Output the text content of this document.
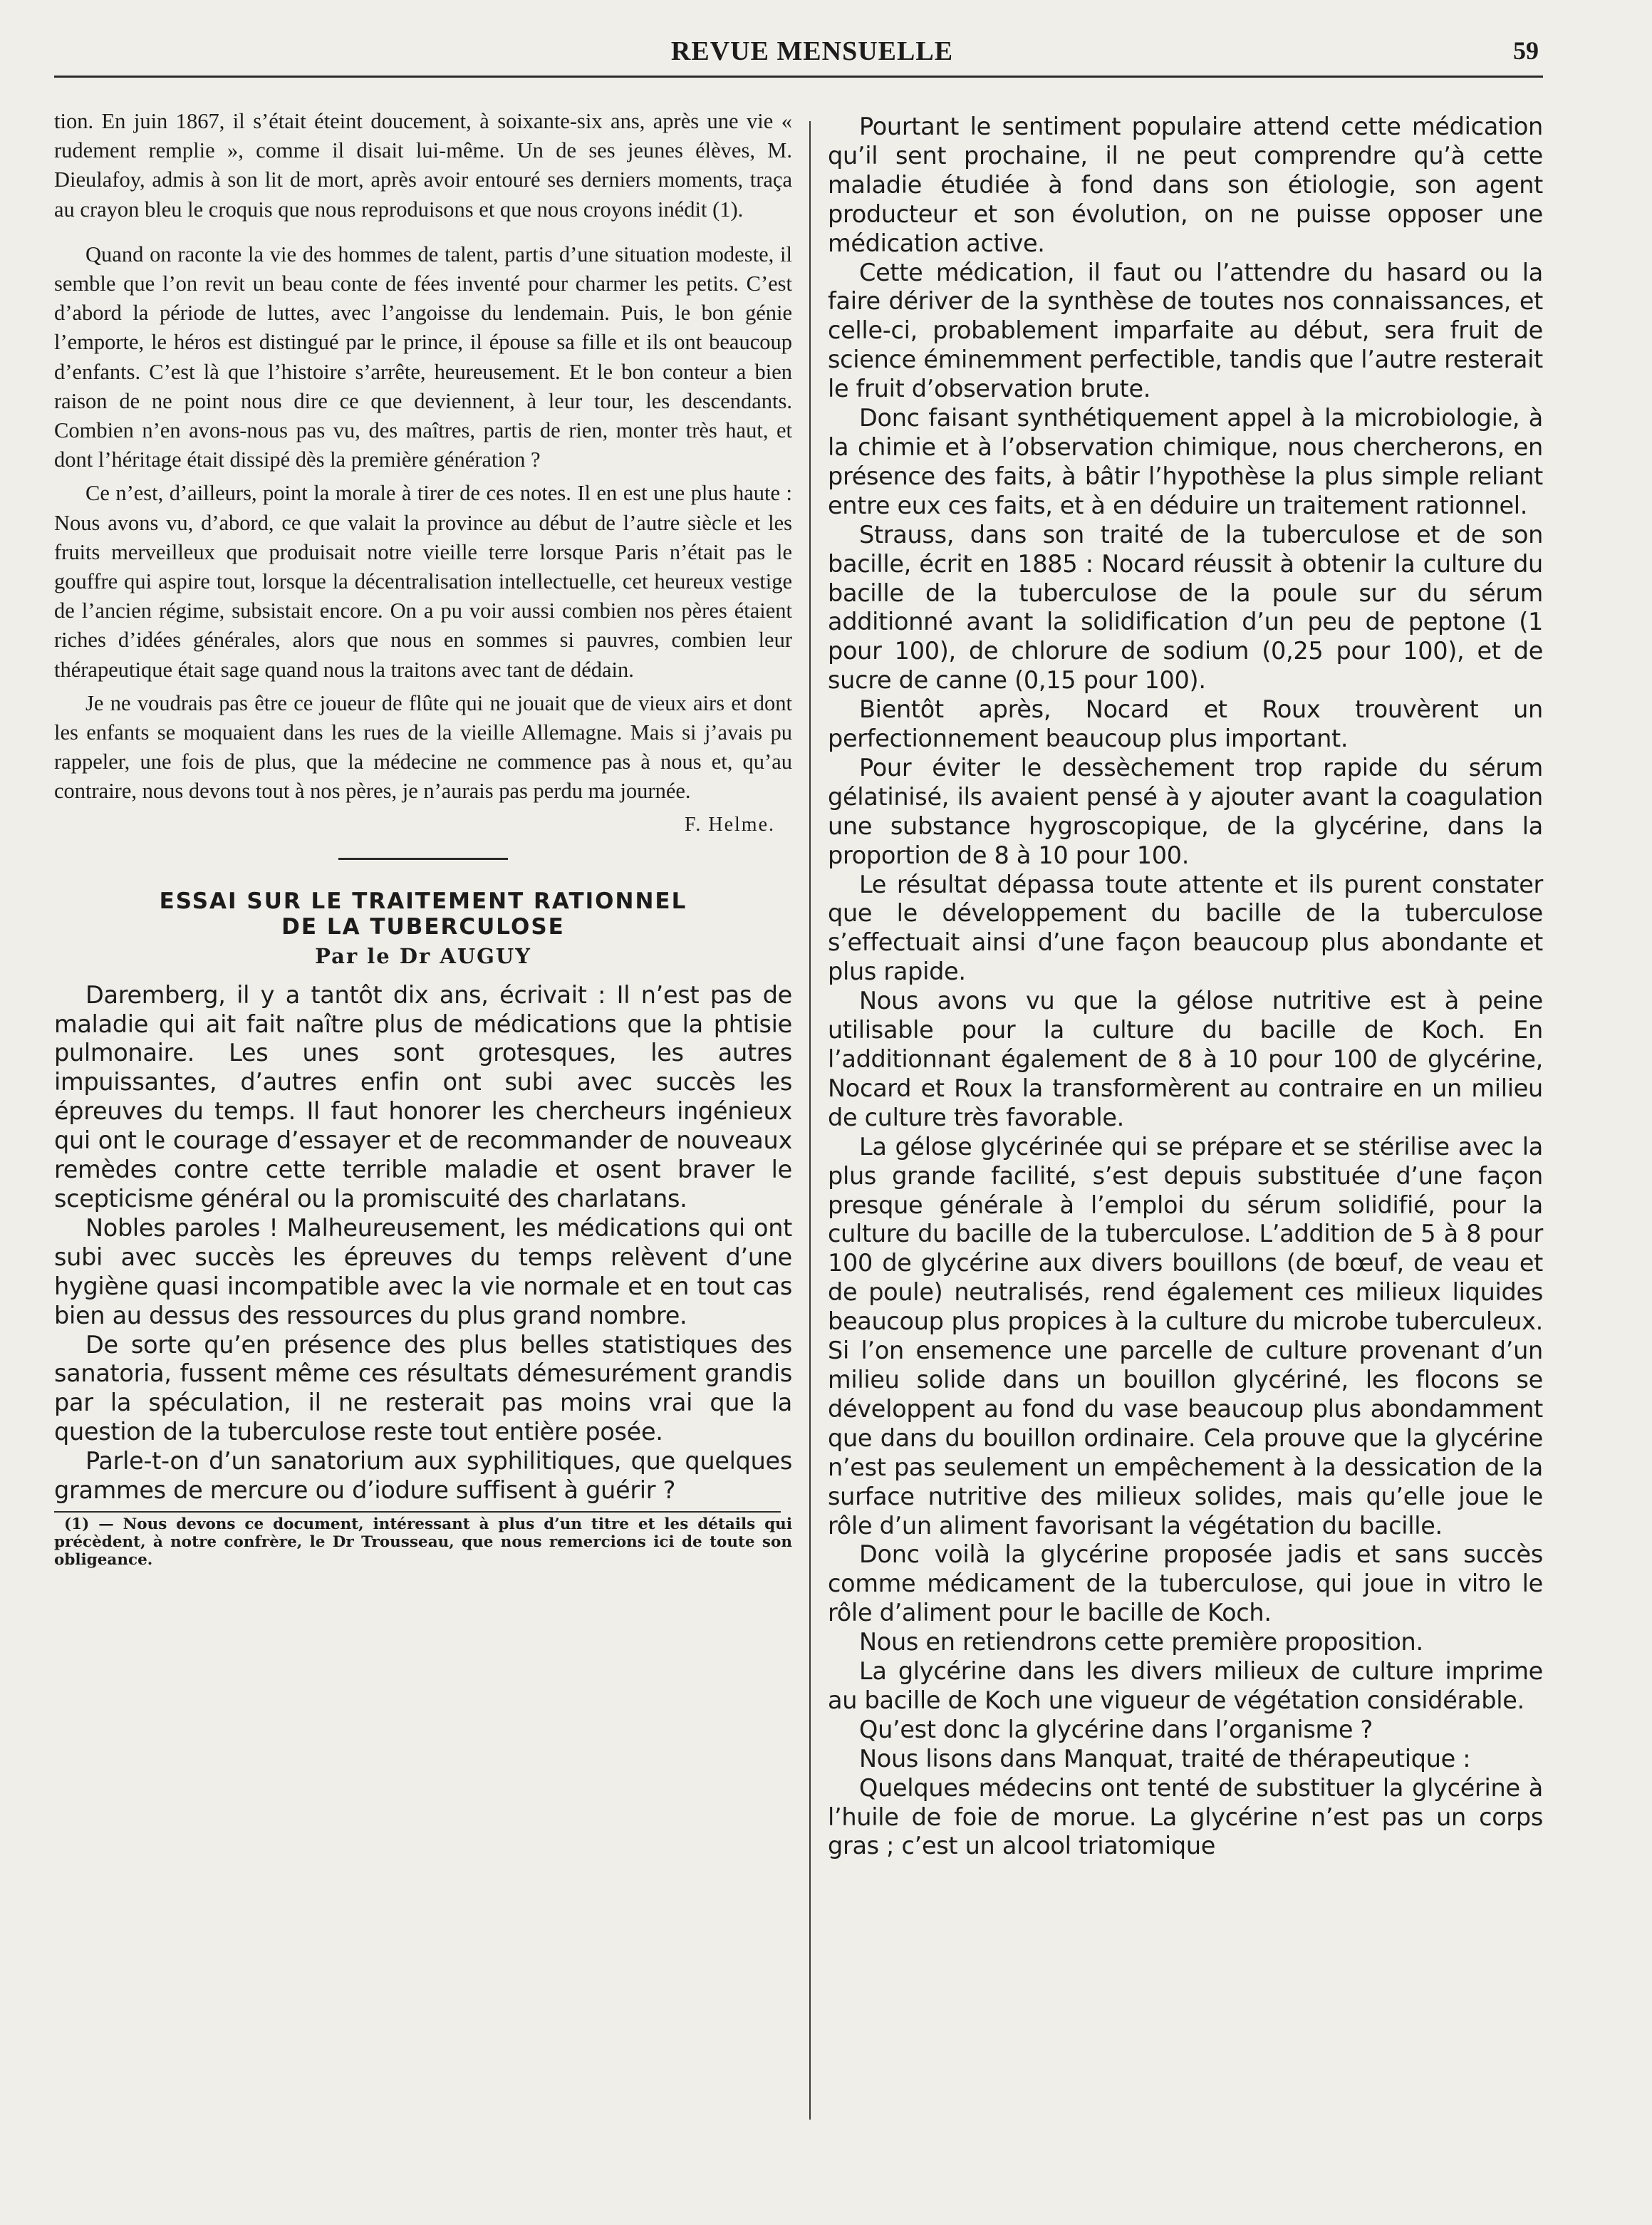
REVUE MENSUELLE	59

tion. En juin 1867, il s’était éteint doucement, à soixante-six ans, après une vie « rudement remplie », comme il disait lui-même. Un de ses jeunes élèves, M. Dieulafoy, admis à son lit de mort, après avoir entouré ses derniers moments, traça au crayon bleu le croquis que nous reproduisons et que nous croyons inédit (1).

Quand on raconte la vie des hommes de talent, partis d’une situation modeste, il semble que l’on revit un beau conte de fées inventé pour charmer les petits. C’est d’abord la période de luttes, avec l’angoisse du lendemain. Puis, le bon génie l’emporte, le héros est distingué par le prince, il épouse sa fille et ils ont beaucoup d’enfants. C’est là que l’histoire s’arrête, heureusement. Et le bon conteur a bien raison de ne point nous dire ce que deviennent, à leur tour, les descendants. Combien n’en avons-nous pas vu, des maîtres, partis de rien, monter très haut, et dont l’héritage était dissipé dès la première génération ?

Ce n’est, d’ailleurs, point la morale à tirer de ces notes. Il en est une plus haute : Nous avons vu, d’abord, ce que valait la province au début de l’autre siècle et les fruits merveilleux que produisait notre vieille terre lorsque Paris n’était pas le gouffre qui aspire tout, lorsque la décentralisation intellectuelle, cet heureux vestige de l’ancien régime, subsistait encore. On a pu voir aussi combien nos pères étaient riches d’idées générales, alors que nous en sommes si pauvres, combien leur thérapeutique était sage quand nous la traitons avec tant de dédain.

Je ne voudrais pas être ce joueur de flûte qui ne jouait que de vieux airs et dont les enfants se moquaient dans les rues de la vieille Allemagne. Mais si j’avais pu rappeler, une fois de plus, que la médecine ne commence pas à nous et, qu’au contraire, nous devons tout à nos pères, je n’aurais pas perdu ma journée.

F. Helme.

ESSAI SUR LE TRAITEMENT RATIONNEL
DE LA TUBERCULOSE
Par le Dr AUGUY

Daremberg, il y a tantôt dix ans, écrivait : Il n’est pas de maladie qui ait fait naître plus de médications que la phtisie pulmonaire. Les unes sont grotesques, les autres impuissantes, d’autres enfin ont subi avec succès les épreuves du temps. Il faut honorer les chercheurs ingénieux qui ont le courage d’essayer et de recommander de nouveaux remèdes contre cette terrible maladie et osent braver le scepticisme général ou la promiscuité des charlatans.

Nobles paroles ! Malheureusement, les médications qui ont subi avec succès les épreuves du temps relèvent d’une hygiène quasi incompatible avec la vie normale et en tout cas bien au dessus des ressources du plus grand nombre.

De sorte qu’en présence des plus belles statistiques des sanatoria, fussent même ces résultats démesurément grandis par la spéculation, il ne resterait pas moins vrai que la question de la tuberculose reste tout entière posée.

Parle-t-on d’un sanatorium aux syphilitiques, que quelques grammes de mercure ou d’iodure suffisent à guérir ?

(1) — Nous devons ce document, intéressant à plus d’un titre et les détails qui précèdent, à notre confrère, le Dr Trousseau, que nous remercions ici de toute son obligeance.

Pourtant le sentiment populaire attend cette médication qu’il sent prochaine, il ne peut comprendre qu’à cette maladie étudiée à fond dans son étiologie, son agent producteur et son évolution, on ne puisse opposer une médication active.

Cette médication, il faut ou l’attendre du hasard ou la faire dériver de la synthèse de toutes nos connaissances, et celle-ci, probablement imparfaite au début, sera fruit de science éminemment perfectible, tandis que l’autre resterait le fruit d’observation brute.

Donc faisant synthétiquement appel à la microbiologie, à la chimie et à l’observation chimique, nous chercherons, en présence des faits, à bâtir l’hypothèse la plus simple reliant entre eux ces faits, et à en déduire un traitement rationnel.

Strauss, dans son traité de la tuberculose et de son bacille, écrit en 1885 : Nocard réussit à obtenir la culture du bacille de la tuberculose de la poule sur du sérum additionné avant la solidification d’un peu de peptone (1 pour 100), de chlorure de sodium (0,25 pour 100), et de sucre de canne (0,15 pour 100).

Bientôt après, Nocard et Roux trouvèrent un perfectionnement beaucoup plus important.

Pour éviter le dessèchement trop rapide du sérum gélatinisé, ils avaient pensé à y ajouter avant la coagulation une substance hygroscopique, de la glycérine, dans la proportion de 8 à 10 pour 100.

Le résultat dépassa toute attente et ils purent constater que le développement du bacille de la tuberculose s’effectuait ainsi d’une façon beaucoup plus abondante et plus rapide.

Nous avons vu que la gélose nutritive est à peine utilisable pour la culture du bacille de Koch. En l’additionnant également de 8 à 10 pour 100 de glycérine, Nocard et Roux la transformèrent au contraire en un milieu de culture très favorable.

La gélose glycérinée qui se prépare et se stérilise avec la plus grande facilité, s’est depuis substituée d’une façon presque générale à l’emploi du sérum solidifié, pour la culture du bacille de la tuberculose. L’addition de 5 à 8 pour 100 de glycérine aux divers bouillons (de bœuf, de veau et de poule) neutralisés, rend également ces milieux liquides beaucoup plus propices à la culture du microbe tuberculeux. Si l’on ensemence une parcelle de culture provenant d’un milieu solide dans un bouillon glycériné, les flocons se développent au fond du vase beaucoup plus abondamment que dans du bouillon ordinaire. Cela prouve que la glycérine n’est pas seulement un empêchement à la dessication de la surface nutritive des milieux solides, mais qu’elle joue le rôle d’un aliment favorisant la végétation du bacille.

Donc voilà la glycérine proposée jadis et sans succès comme médicament de la tuberculose, qui joue in vitro le rôle d’aliment pour le bacille de Koch.

Nous en retiendrons cette première proposition.

La glycérine dans les divers milieux de culture imprime au bacille de Koch une vigueur de végétation considérable.

Qu’est donc la glycérine dans l’organisme ?

Nous lisons dans Manquat, traité de thérapeutique :

Quelques médecins ont tenté de substituer la glycérine à l’huile de foie de morue. La glycérine n’est pas un corps gras ; c’est un alcool triatomique
